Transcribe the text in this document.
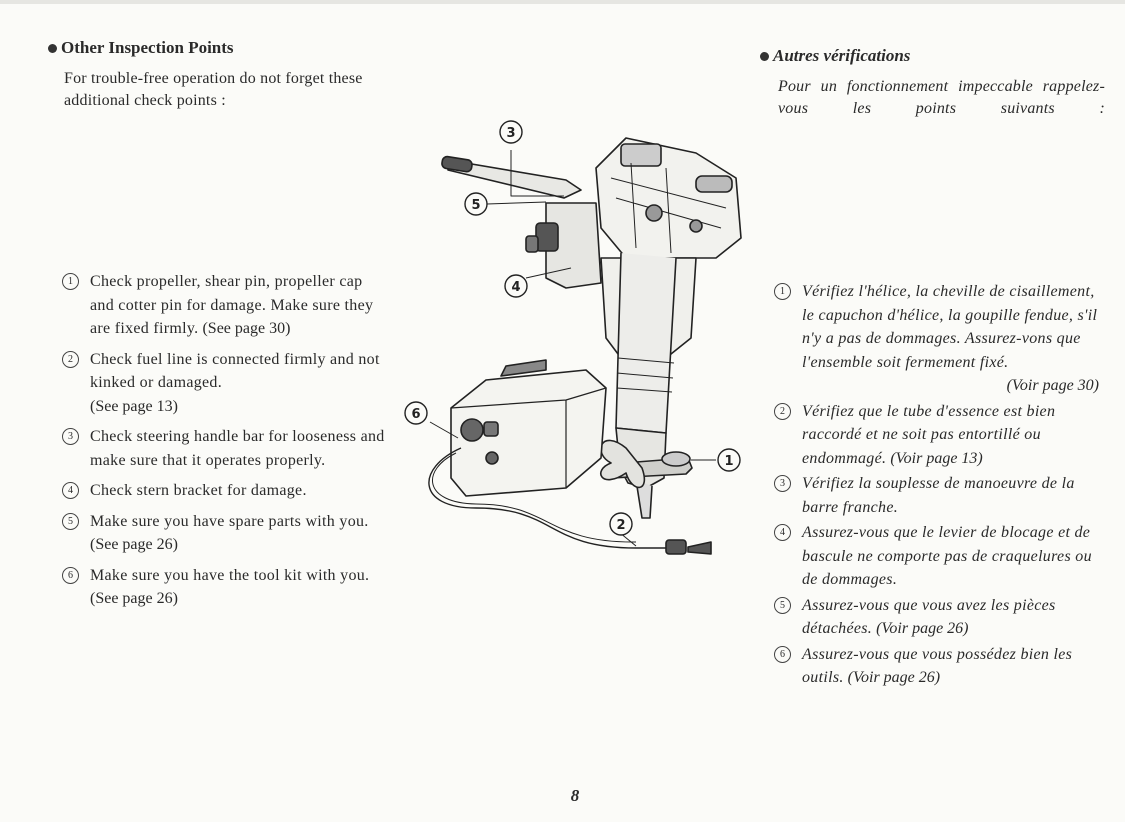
Other Inspection Points

For trouble-free operation do not forget these additional check points :

1	Check propeller, shear pin, propeller cap and cotter pin for damage. Make sure they are fixed firmly. (See page 30)
2	Check fuel line is connected firmly and not kinked or damaged.
(See page 13)
3	Check steering handle bar for looseness and make sure that it operates properly.
4	Check stern bracket for damage.
5	Make sure you have spare parts with you. (See page 26)
6	Make sure you have the tool kit with you. (See page 26)
3
5
4
6
1
2
Autres vérifications

Pour un fonctionnement impeccable rappelez-vous les points suivants :

1	Vérifiez l'hélice, la cheville de cisaillement, le capuchon d'hélice, la goupille fendue, s'il n'y a pas de dommages. Assurez-vons que l'ensemble soit fermement fixé.
(Voir page 30)
2	Vérifiez que le tube d'essence est bien raccordé et ne soit pas entortillé ou endommagé. (Voir page 13)
3	Vérifiez la souplesse de manoeuvre de la barre franche.
4	Assurez-vous que le levier de blocage et de bascule ne comporte pas de craquelures ou de dommages.
5	Assurez-vous que vous avez les pièces détachées. (Voir page 26)
6	Assurez-vous que vous possédez bien les outils. (Voir page 26)
8
